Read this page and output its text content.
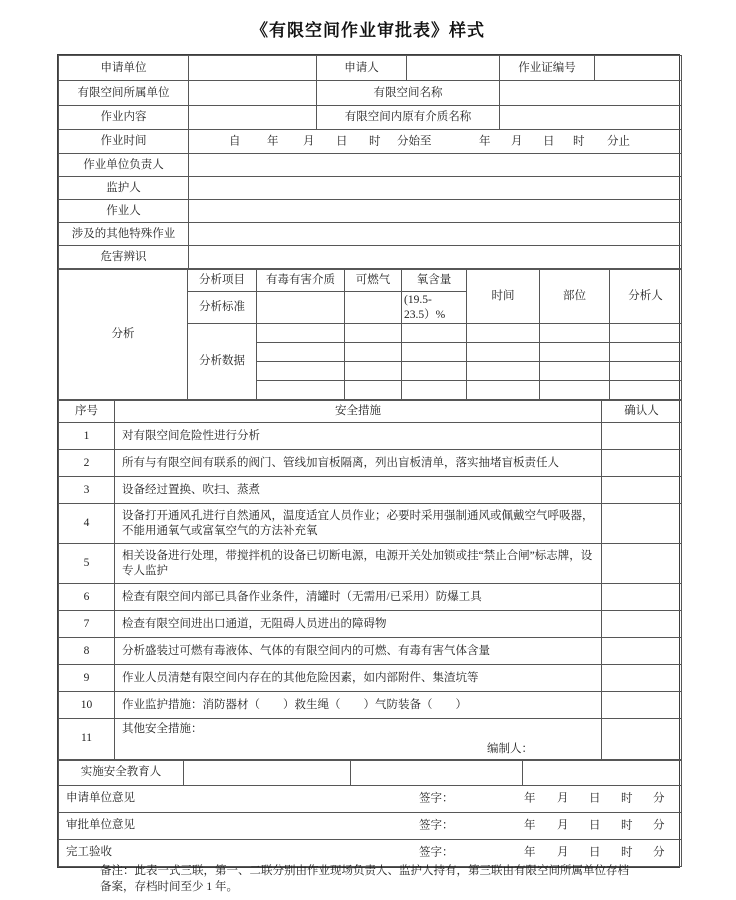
《有限空间作业审批表》样式
申请单位		申请人		作业证编号	
有限空间所属单位		有限空间名称			
作业内容		有限空间内原有介质名称			
作业时间	自 年 月 日 时 分始至	年 月 日 时 分止

作业单位负责人					
监护人					
作业人					
涉及的其他特殊作业					
危害辨识					
分析	分析项目	有毒有害介质	可燃气	氧含量	时间	部位	分析人
	分析标准			(19.5-23.5）%			
	分析数据						

序号	安全措施	确认人
1	对有限空间危险性进行分析	
2	所有与有限空间有联系的阀门、管线加盲板隔离，列出盲板清单，落实抽堵盲板责任人	
3	设备经过置换、吹扫、蒸煮	
4	设备打开通风孔进行自然通风，温度适宜人员作业；必要时采用强制通风或佩戴空气呼吸器，　不能用通氧气或富氧空气的方法补充氧	
5	相关设备进行处理，带搅拌机的设备已切断电源，电源开关处加锁或挂“禁止合闸”标志牌，设专人监护	
6	检查有限空间内部已具备作业条件，清罐时（无需用/已采用）防爆工具	
7	检查有限空间进出口通道，无阻碍人员进出的障碍物	
8	分析盛装过可燃有毒液体、气体的有限空间内的可燃、有毒有害气体含量	
9	作业人员清楚有限空间内存在的其他危险因素，如内部附件、集渣坑等	
10	作业监护措施：消防器材（　　）救生绳（　　）气防装备（　　）	
11	其他安全措施：
编制人：	

实施安全教育人			
申请单位意见	签字：	年 月 日 时 分

审批单位意见	签字：	年 月 日 时 分

完工验收	签字：	年 月 日 时 分
备注：此表一式三联，第一、二联分别由作业现场负责人、监护人持有，第三联由有限空间所属单位存档
备案，存档时间至少 1 年。
